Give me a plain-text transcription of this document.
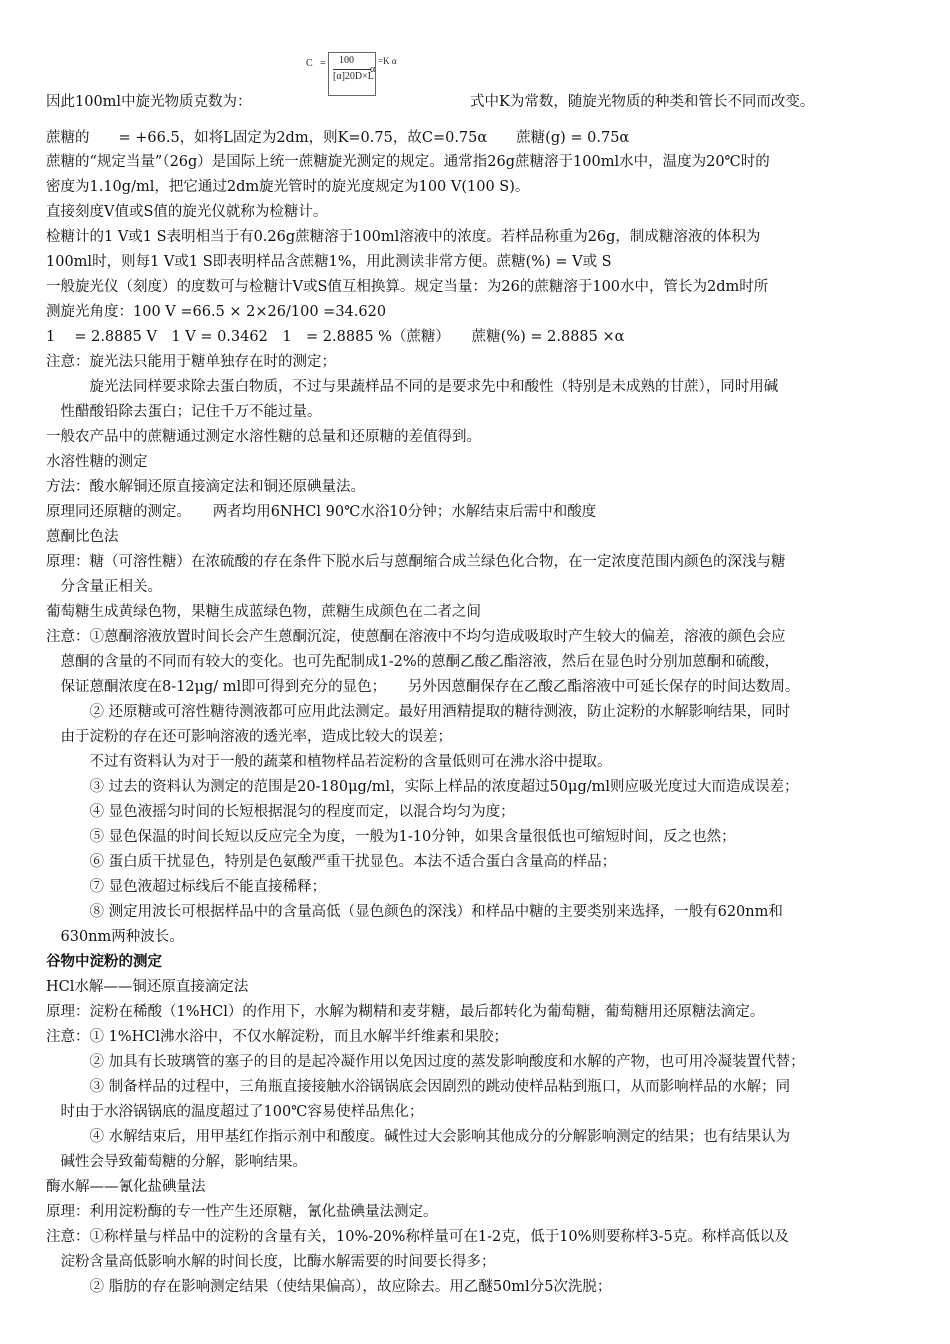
C = 100
[α]20D×L
α
=K α
因此100ml中旋光物质克数为：	式中K为常数，随旋光物质的种类和管长不同而改变。
蔗糖的　　= +66.5，如将L固定为2dm，则K=0.75，故C=0.75α　　蔗糖(g) = 0.75α
蔗糖的“规定当量”（26g）是国际上统一蔗糖旋光测定的规定。通常指26g蔗糖溶于100ml水中，温度为20℃时的
密度为1.10g/ml，把它通过2dm旋光管时的旋光度规定为100 V(100 S)。
直接刻度V值或S值的旋光仪就称为检糖计。
检糖计的1 V或1 S表明相当于有0.26g蔗糖溶于100ml溶液中的浓度。若样品称重为26g，制成糖溶液的体积为
100ml时，则每1 V或1 S即表明样品含蔗糖1%，用此测读非常方便。蔗糖(%) = V或 S
一般旋光仪（刻度）的度数可与检糖计V或S值互相换算。规定当量：为26的蔗糖溶于100水中，管长为2dm时所
测旋光角度：100 V =66.5 × 2×26/100 =34.620
1　 = 2.8885 V　1 V = 0.3462　1　= 2.8885 %（蔗糖）　　蔗糖(%) = 2.8885 ×α
注意：旋光法只能用于糖单独存在时的测定；
　　　旋光法同样要求除去蛋白物质，不过与果蔬样品不同的是要求先中和酸性（特别是未成熟的甘蔗），同时用碱
　性醋酸铅除去蛋白；记住千万不能过量。
一般农产品中的蔗糖通过测定水溶性糖的总量和还原糖的差值得到。
水溶性糖的测定
方法：酸水解铜还原直接滴定法和铜还原碘量法。
原理同还原糖的测定。　　两者均用6NHCl 90℃水浴10分钟；水解结束后需中和酸度
蒽酮比色法
原理：糖（可溶性糖）在浓硫酸的存在条件下脱水后与蒽酮缩合成兰绿色化合物，在一定浓度范围内颜色的深浅与糖
　分含量正相关。
葡萄糖生成黄绿色物，果糖生成蓝绿色物，蔗糖生成颜色在二者之间
注意：①蒽酮溶液放置时间长会产生蒽酮沉淀，使蒽酮在溶液中不均匀造成吸取时产生较大的偏差，溶液的颜色会应
　蒽酮的含量的不同而有较大的变化。也可先配制成1-2%的蒽酮乙酸乙酯溶液，然后在显色时分别加蒽酮和硫酸，
　保证蒽酮浓度在8-12μg/ ml即可得到充分的显色；　　另外因蒽酮保存在乙酸乙酯溶液中可延长保存的时间达数周。
　　　② 还原糖或可溶性糖待测液都可应用此法测定。最好用酒精提取的糖待测液，防止淀粉的水解影响结果，同时
　由于淀粉的存在还可影响溶液的透光率，造成比较大的误差；
　　　不过有资料认为对于一般的蔬菜和植物样品若淀粉的含量低则可在沸水浴中提取。
　　　③ 过去的资料认为测定的范围是20-180μg/ml，实际上样品的浓度超过50μg/ml则应吸光度过大而造成误差；
　　　④ 显色液摇匀时间的长短根据混匀的程度而定，以混合均匀为度；
　　　⑤ 显色保温的时间长短以反应完全为度，一般为1-10分钟，如果含量很低也可缩短时间，反之也然；
　　　⑥ 蛋白质干扰显色，特别是色氨酸严重干扰显色。本法不适合蛋白含量高的样品；
　　　⑦ 显色液超过标线后不能直接稀释；
　　　⑧ 测定用波长可根据样品中的含量高低（显色颜色的深浅）和样品中糖的主要类别来选择，一般有620nm和
　630nm两种波长。
谷物中淀粉的测定
HCl水解——铜还原直接滴定法
原理：淀粉在稀酸（1%HCl）的作用下，水解为糊精和麦芽糖，最后都转化为葡萄糖，葡萄糖用还原糖法滴定。
注意：① 1%HCl沸水浴中，不仅水解淀粉，而且水解半纤维素和果胶；
　　　② 加具有长玻璃管的塞子的目的是起冷凝作用以免因过度的蒸发影响酸度和水解的产物，也可用冷凝装置代替；
　　　③ 制备样品的过程中，三角瓶直接接触水浴锅锅底会因剧烈的跳动使样品粘到瓶口，从而影响样品的水解；同
　时由于水浴锅锅底的温度超过了100℃容易使样品焦化；
　　　④ 水解结束后，用甲基红作指示剂中和酸度。碱性过大会影响其他成分的分解影响测定的结果；也有结果认为
　碱性会导致葡萄糖的分解，影响结果。
酶水解——氰化盐碘量法
原理：利用淀粉酶的专一性产生还原糖，氰化盐碘量法测定。
注意：①称样量与样品中的淀粉的含量有关，10%-20%称样量可在1-2克，低于10%则要称样3-5克。称样高低以及
　淀粉含量高低影响水解的时间长度，比酶水解需要的时间要长得多；
　　　② 脂肪的存在影响测定结果（使结果偏高），故应除去。用乙醚50ml分5次洗脱；
